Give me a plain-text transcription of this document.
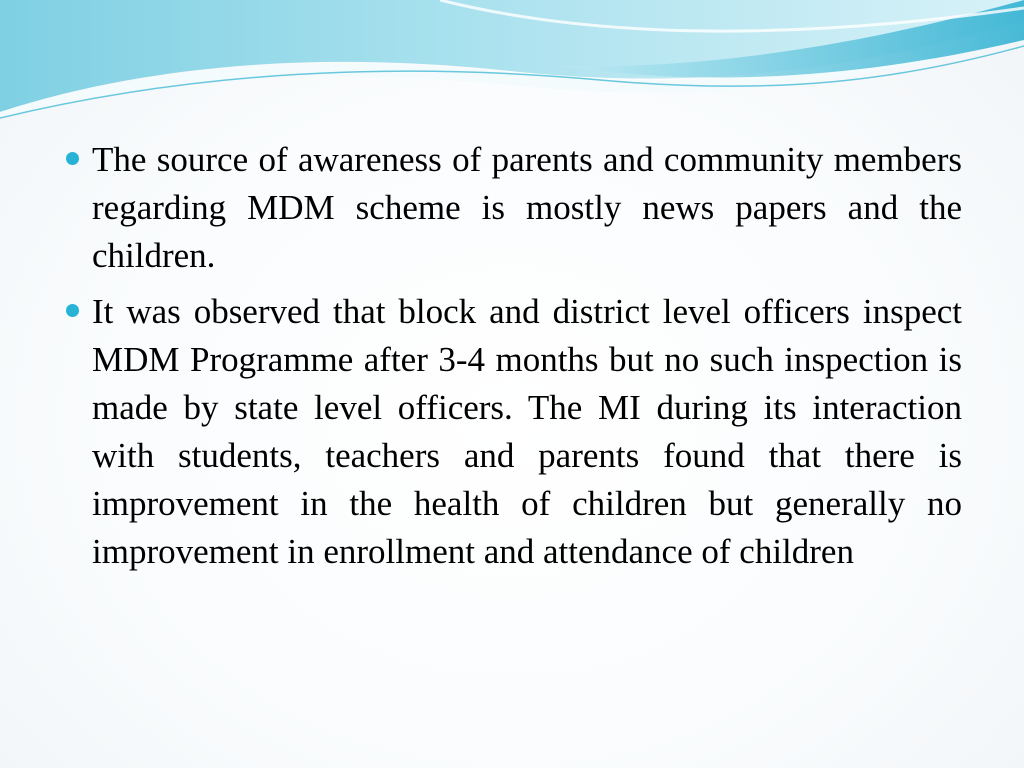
The source of awareness of parents and community members regarding MDM scheme is mostly news papers and the children.
It was observed that block and district level officers inspect MDM Programme after 3-4 months but no such inspection is made by state level officers. The MI during its interaction with students, teachers and parents found that there is improvement in the health of children but generally no improvement in enrollment and attendance of children
